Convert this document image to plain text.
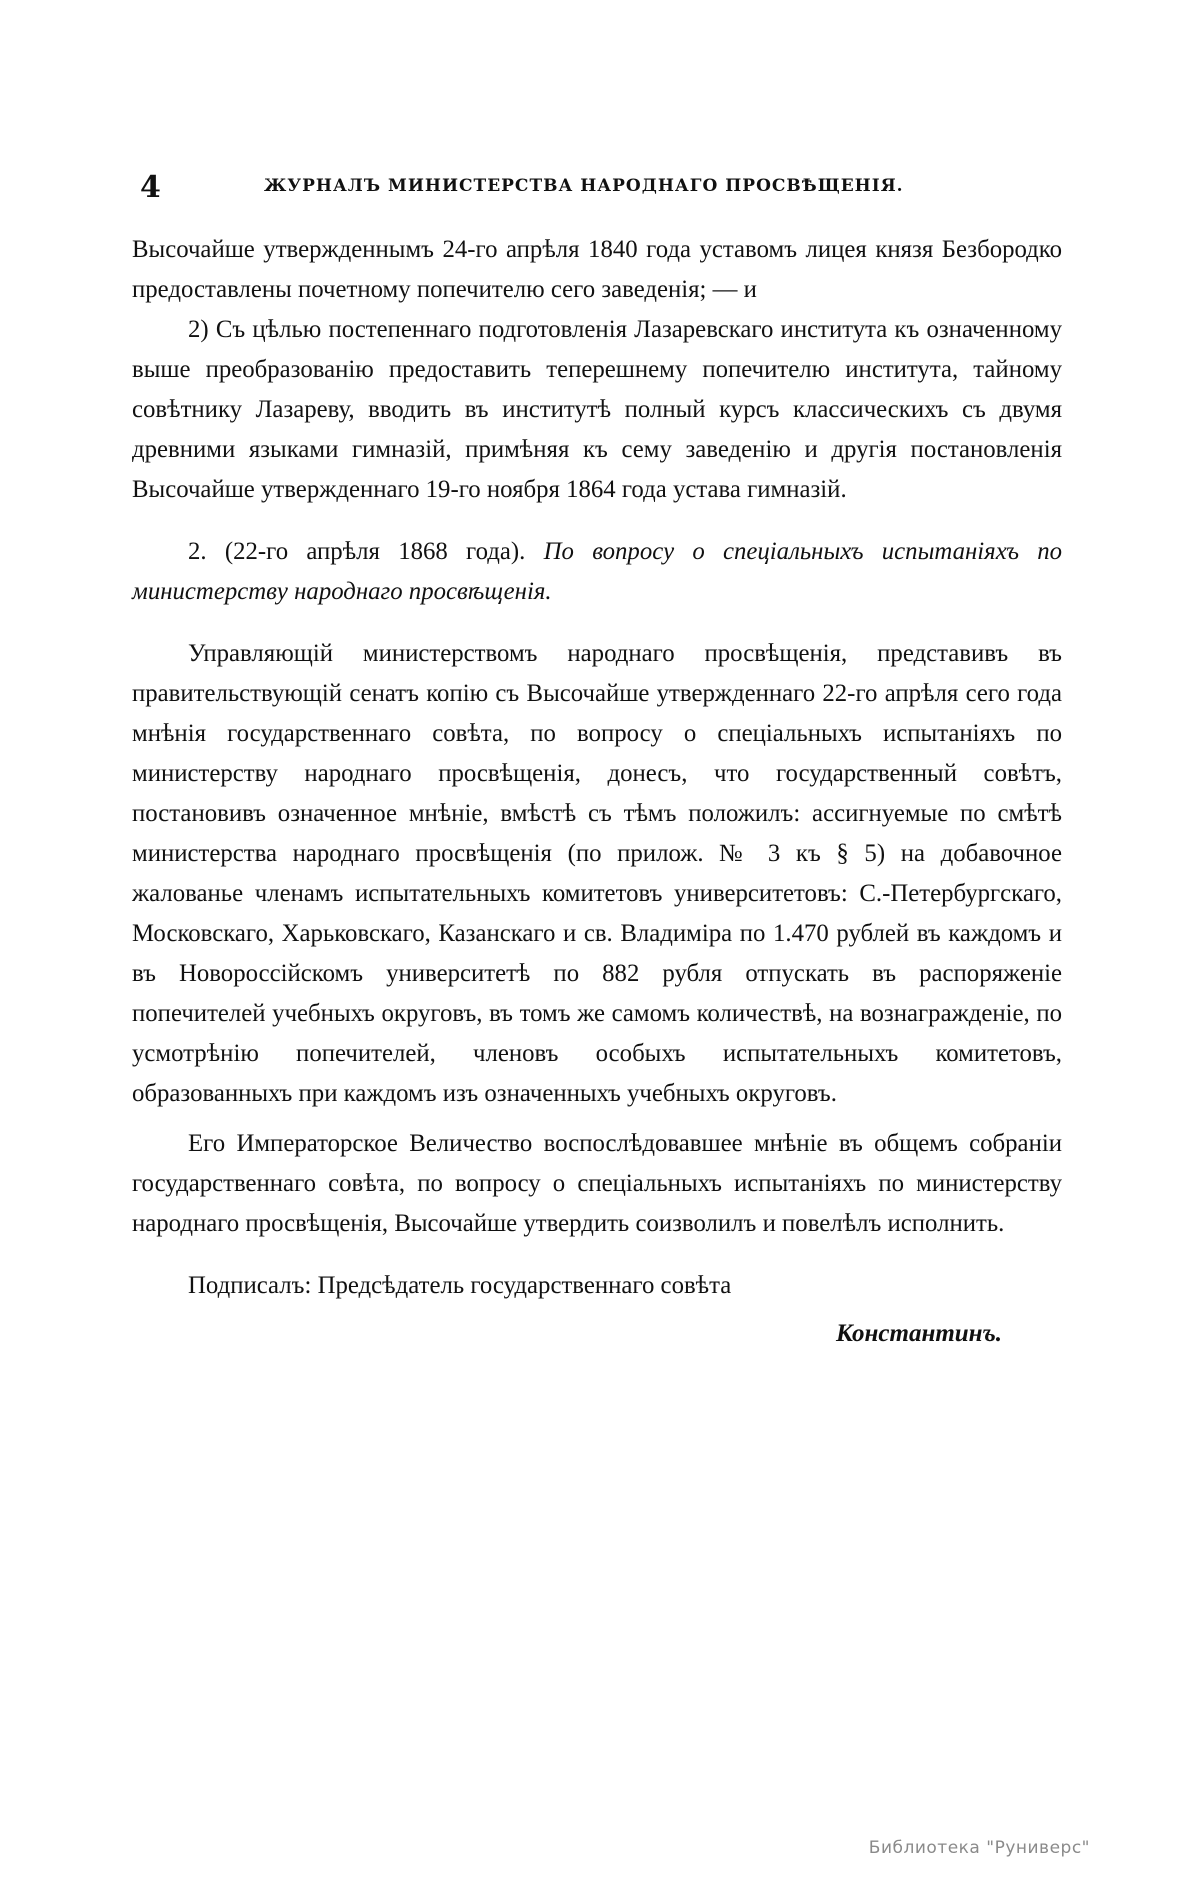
4	ЖУРНАЛЪ МИНИСТЕРСТВА НАРОДНАГО ПРОСВѢЩЕНІЯ.

Высочайше утвержденнымъ 24-го апрѣля 1840 года уставомъ лицея князя Безбородко предоставлены почетному попечителю сего заведенія; — и

2) Съ цѣлью постепеннаго подготовленія Лазаревскаго института къ означенному выше преобразованію предоставить теперешнему попечителю института, тайному совѣтнику Лазареву, вводить въ институтѣ полный курсъ классическихъ съ двумя древними языками гимназій, примѣняя къ сему заведенію и другія постановленія Высочайше утвержденнаго 19-го ноября 1864 года устава гимназій.

2. (22-го апрѣля 1868 года). По вопросу о спеціальныхъ испытаніяхъ по министерству народнаго просвѣщенія.

Управляющій министерствомъ народнаго просвѣщенія, представивъ въ правительствующій сенатъ копію съ Высочайше утвержденнаго 22-го апрѣля сего года мнѣнія государственнаго совѣта, по вопросу о спеціальныхъ испытаніяхъ по министерству народнаго просвѣщенія, донесъ, что государственный совѣтъ, постановивъ означенное мнѣніе, вмѣстѣ съ тѣмъ положилъ: ассигнуемые по смѣтѣ министерства народнаго просвѣщенія (по прилож. № 3 къ § 5) на добавочное жалованье членамъ испытательныхъ комитетовъ университетовъ: С.-Петербургскаго, Московскаго, Харьковскаго, Казанскаго и св. Владиміра по 1.470 рублей въ каждомъ и въ Новороссійскомъ университетѣ по 882 рубля отпускать въ распоряженіе попечителей учебныхъ округовъ, въ томъ же самомъ количествѣ, на вознагражденіе, по усмотрѣнію попечителей, членовъ особыхъ испытательныхъ комитетовъ, образованныхъ при каждомъ изъ означенныхъ учебныхъ округовъ.

Его Императорское Величество воспослѣдовавшее мнѣніе въ общемъ собраніи государственнаго совѣта, по вопросу о спеціальныхъ испытаніяхъ по министерству народнаго просвѣщенія, Высочайше утвердить соизволилъ и повелѣлъ исполнить.

Подписалъ: Предсѣдатель государственнаго совѣта
Константинъ.
Библиотека "Руниверс"
